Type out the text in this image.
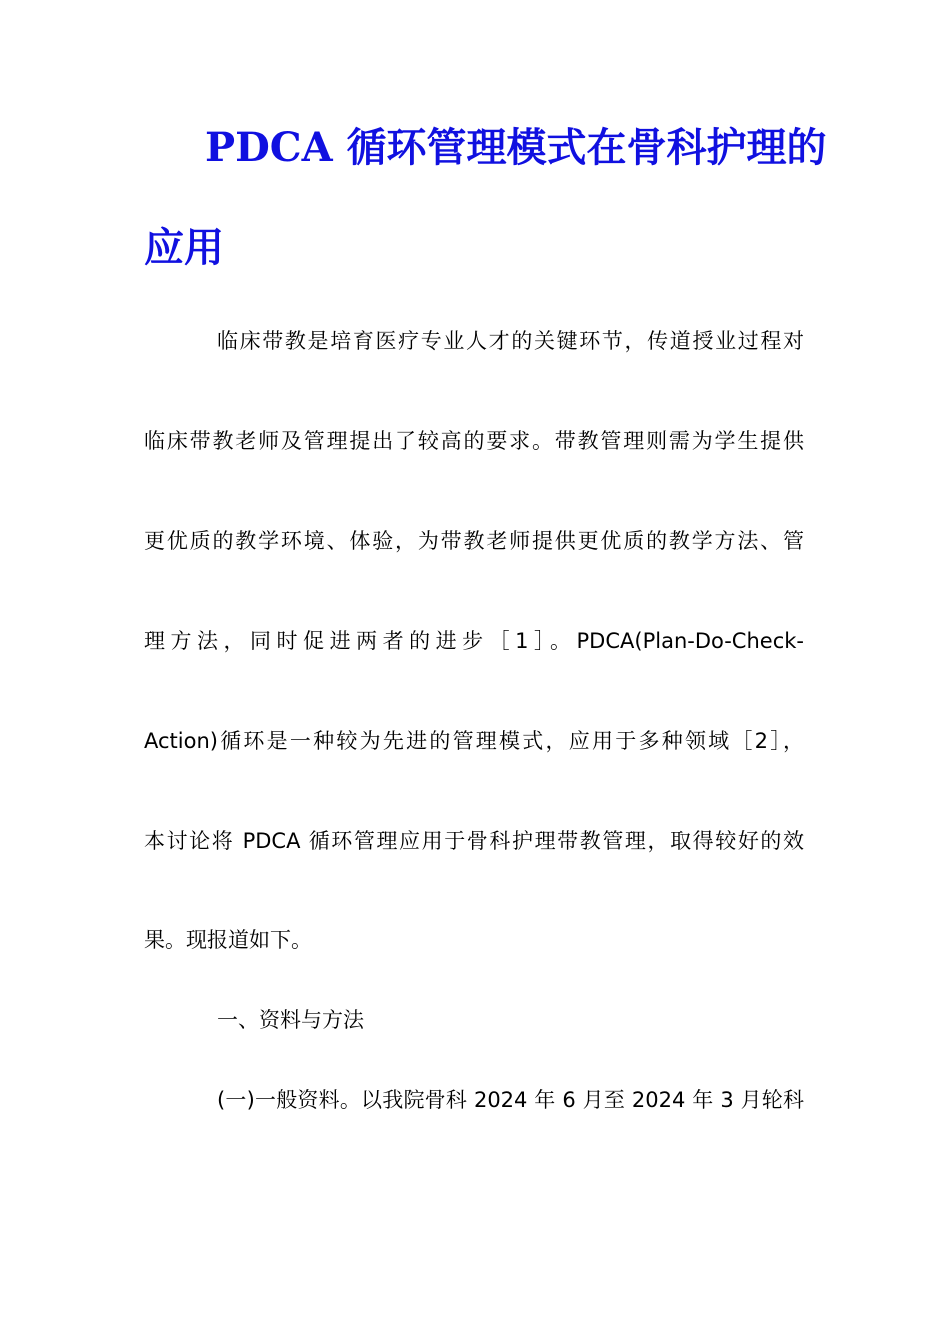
PDCA 循环管理模式在骨科护理的
应用
临床带教是培育医疗专业人才的关键环节，传道授业过程对
临床带教老师及管理提出了较高的要求。带教管理则需为学生提供
更优质的教学环境、体验，为带教老师提供更优质的教学方法、管
理方法，同时促进两者的进步［1］。PDCA(Plan-Do-Check-
Action)循环是一种较为先进的管理模式，应用于多种领域［2］，
本讨论将 PDCA 循环管理应用于骨科护理带教管理，取得较好的效
果。现报道如下。
一、资料与方法
(一)一般资料。以我院骨科 2024 年 6 月至 2024 年 3 月轮科
